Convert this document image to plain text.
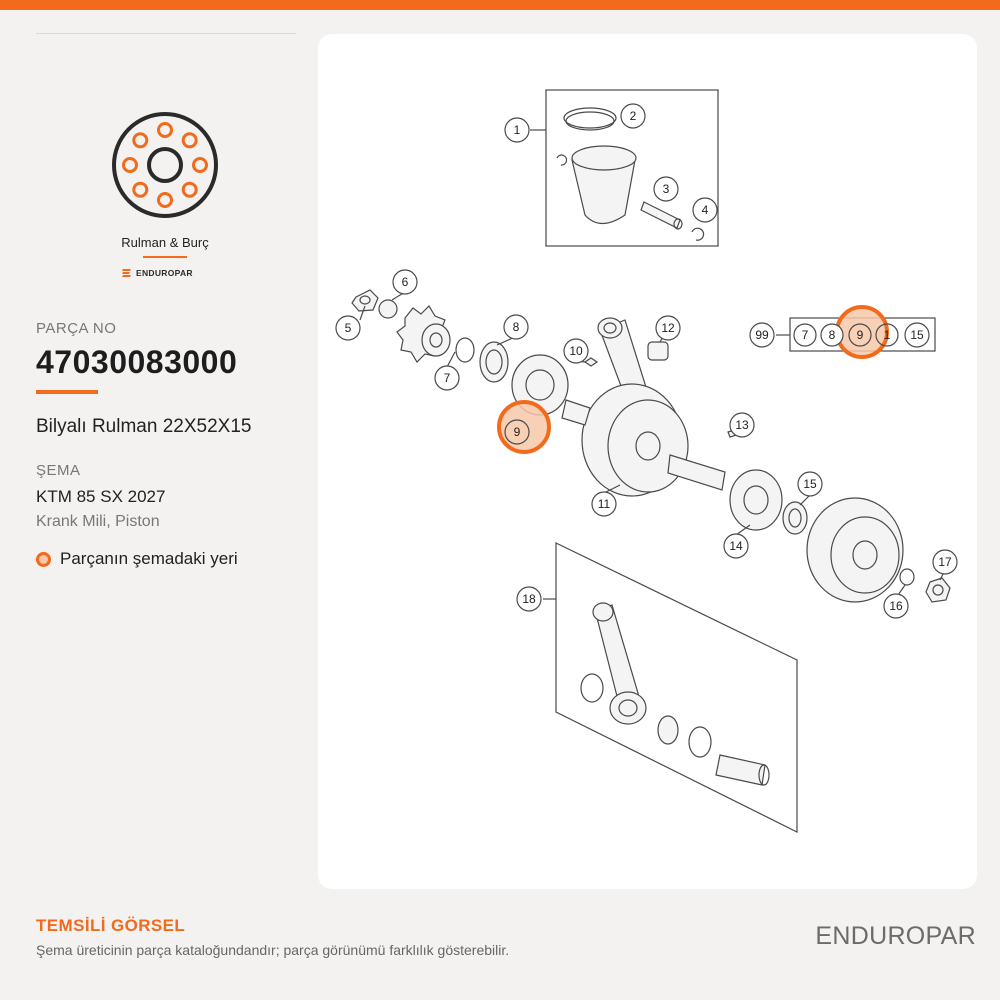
Rulman & Burç
ENDUROPAR
PARÇA NO
47030083000
Bilyalı Rulman 22X52X15
ŞEMA
KTM 85 SX 2027
Krank Mili, Piston
Parçanın şemadaki yeri
1
2
3
4
5
6
7
8
9
10
11
12
13
14
15
16
17
18
99	7 8 9 1 15
TEMSİLİ GÖRSEL
Şema üreticinin parça kataloğundandır; parça görünümü farklılık gösterebilir.	ENDUROPAR
